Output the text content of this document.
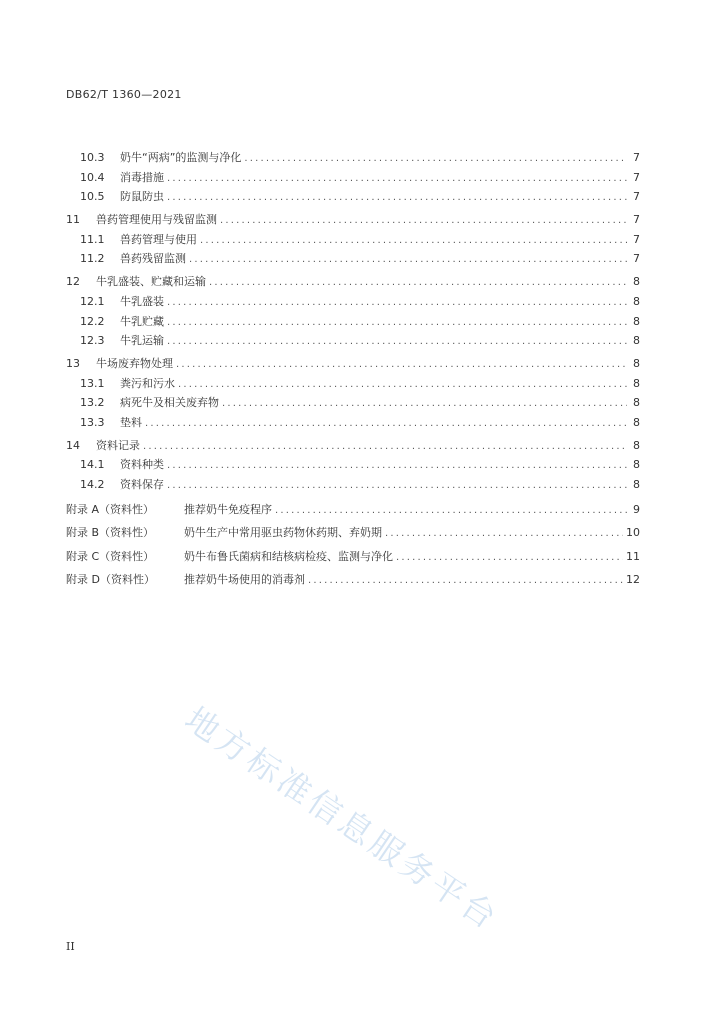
DB62/T 1360—2021
10.3	奶牛“两病”的监测与净化 .....	7
10.4	消毒措施 .....	7
10.5	防鼠防虫 .....	7
11	兽药管理使用与残留监测 .....	7
11.1	兽药管理与使用 .....	7
11.2	兽药残留监测 .....	7
12	牛乳盛装、贮藏和运输 .....	8
12.1	牛乳盛装 .....	8
12.2	牛乳贮藏 .....	8
12.3	牛乳运输 .....	8
13	牛场废弃物处理 .....	8
13.1	粪污和污水 .....	8
13.2	病死牛及相关废弃物 .....	8
13.3	垫料 .....	8
14	资料记录 .....	8
14.1	资料种类 .....	8
14.2	资料保存 .....	8
附录 A（资料性）	推荐奶牛免疫程序 .....	9
附录 B（资料性）	奶牛生产中常用驱虫药物休药期、弃奶期 .....	10
附录 C（资料性）	奶牛布鲁氏菌病和结核病检疫、监测与净化 .....	11
附录 D（资料性）	推荐奶牛场使用的消毒剂 .....	12
地方标准信息服务平台
II
